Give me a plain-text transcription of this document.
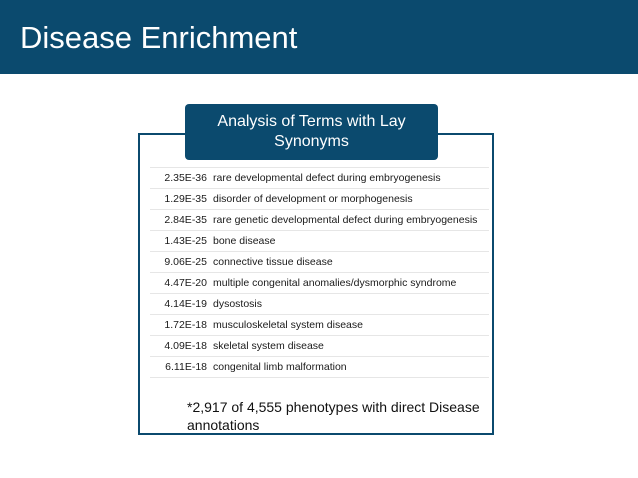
Disease Enrichment
Analysis of Terms with Lay Synonyms
2.35E-36	rare developmental defect during embryogenesis
1.29E-35	disorder of development or morphogenesis
2.84E-35	rare genetic developmental defect during embryogenesis
1.43E-25	bone disease
9.06E-25	connective tissue disease
4.47E-20	multiple congenital anomalies/dysmorphic syndrome
4.14E-19	dysostosis
1.72E-18	musculoskeletal system disease
4.09E-18	skeletal system disease
6.11E-18	congenital limb malformation
*2,917 of 4,555 phenotypes with direct Disease annotations
